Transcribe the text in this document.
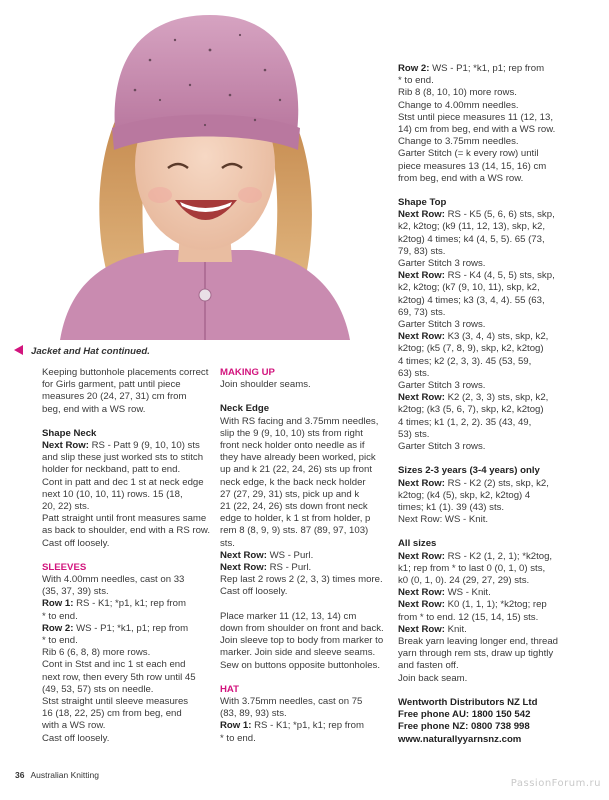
Jacket and Hat continued.
Keeping buttonhole placements correct
for Girls garment, patt until piece
measures 20 (24, 27, 31) cm from
beg, end with a WS row.
Shape Neck
Next Row: RS - Patt 9 (9, 10, 10) sts
and slip these just worked sts to stitch
holder for neckband, patt to end.
Cont in patt and dec 1 st at neck edge
next 10 (10, 10, 11) rows. 15 (18,
20, 22) sts.
Patt straight until front measures same
as back to shoulder, end with a RS row.
Cast off loosely.
SLEEVES
With 4.00mm needles, cast on 33
(35, 37, 39) sts.
Row 1: RS - K1; *p1, k1; rep from
* to end.
Row 2: WS - P1; *k1, p1; rep from
* to end.
Rib 6 (6, 8, 8) more rows.
Cont in Stst and inc 1 st each end
next row, then every 5th row until 45
(49, 53, 57) sts on needle.
Stst straight until sleeve measures
16 (18, 22, 25) cm from beg, end
with a WS row.
Cast off loosely.
MAKING UP
Join shoulder seams.
Neck Edge
With RS facing and 3.75mm needles,
slip the 9 (9, 10, 10) sts from right
front neck holder onto needle as if
they have already been worked, pick
up and k 21 (22, 24, 26) sts up front
neck edge, k the back neck holder
27 (27, 29, 31) sts, pick up and k
21 (22, 24, 26) sts down front neck
edge to holder, k 1 st from holder, p
rem 8 (8, 9, 9) sts. 87 (89, 97, 103)
sts.
Next Row: WS - Purl.
Next Row: RS - Purl.
Rep last 2 rows 2 (2, 3, 3) times more.
Cast off loosely.
Place marker 11 (12, 13, 14) cm
down from shoulder on front and back.
Join sleeve top to body from marker to
marker. Join side and sleeve seams.
Sew on buttons opposite buttonholes.
HAT
With 3.75mm needles, cast on 75
(83, 89, 93) sts.
Row 1: RS - K1; *p1, k1; rep from
* to end.
Row 2: WS - P1; *k1, p1; rep from
* to end.
Rib 8 (8, 10, 10) more rows.
Change to 4.00mm needles.
Stst until piece measures 11 (12, 13,
14) cm from beg, end with a WS row.
Change to 3.75mm needles.
Garter Stitch (= k every row) until
piece measures 13 (14, 15, 16) cm
from beg, end with a WS row.
Shape Top
Next Row: RS - K5 (5, 6, 6) sts, skp,
k2, k2tog; (k9 (11, 12, 13), skp, k2,
k2tog) 4 times; k4 (4, 5, 5). 65 (73,
79, 83) sts.
Garter Stitch 3 rows.
Next Row: RS - K4 (4, 5, 5) sts, skp,
k2, k2tog; (k7 (9, 10, 11), skp, k2,
k2tog) 4 times; k3 (3, 4, 4). 55 (63,
69, 73) sts.
Garter Stitch 3 rows.
Next Row: K3 (3, 4, 4) sts, skp, k2,
k2tog; (k5 (7, 8, 9), skp, k2, k2tog)
4 times; k2 (2, 3, 3). 45 (53, 59,
63) sts.
Garter Stitch 3 rows.
Next Row: K2 (2, 3, 3) sts, skp, k2,
k2tog; (k3 (5, 6, 7), skp, k2, k2tog)
4 times; k1 (1, 2, 2). 35 (43, 49,
53) sts.
Garter Stitch 3 rows.
Sizes 2-3 years (3-4 years) only
Next Row: RS - K2 (2) sts, skp, k2,
k2tog; (k4 (5), skp, k2, k2tog) 4
times; k1 (1). 39 (43) sts.
Next Row: WS - Knit.
All sizes
Next Row: RS - K2 (1, 2, 1); *k2tog,
k1; rep from * to last 0 (0, 1, 0) sts,
k0 (0, 1, 0). 24 (29, 27, 29) sts.
Next Row: WS - Knit.
Next Row: K0 (1, 1, 1); *k2tog; rep
from * to end. 12 (15, 14, 15) sts.
Next Row: Knit.
Break yarn leaving longer end, thread
yarn through rem sts, draw up tightly
and fasten off.
Join back seam.
Wentworth Distributors NZ Ltd
Free phone AU: 1800 150 542
Free phone NZ: 0800 738 998
www.naturallyyarnsnz.com
36 Australian Knitting
PassionForum.ru
